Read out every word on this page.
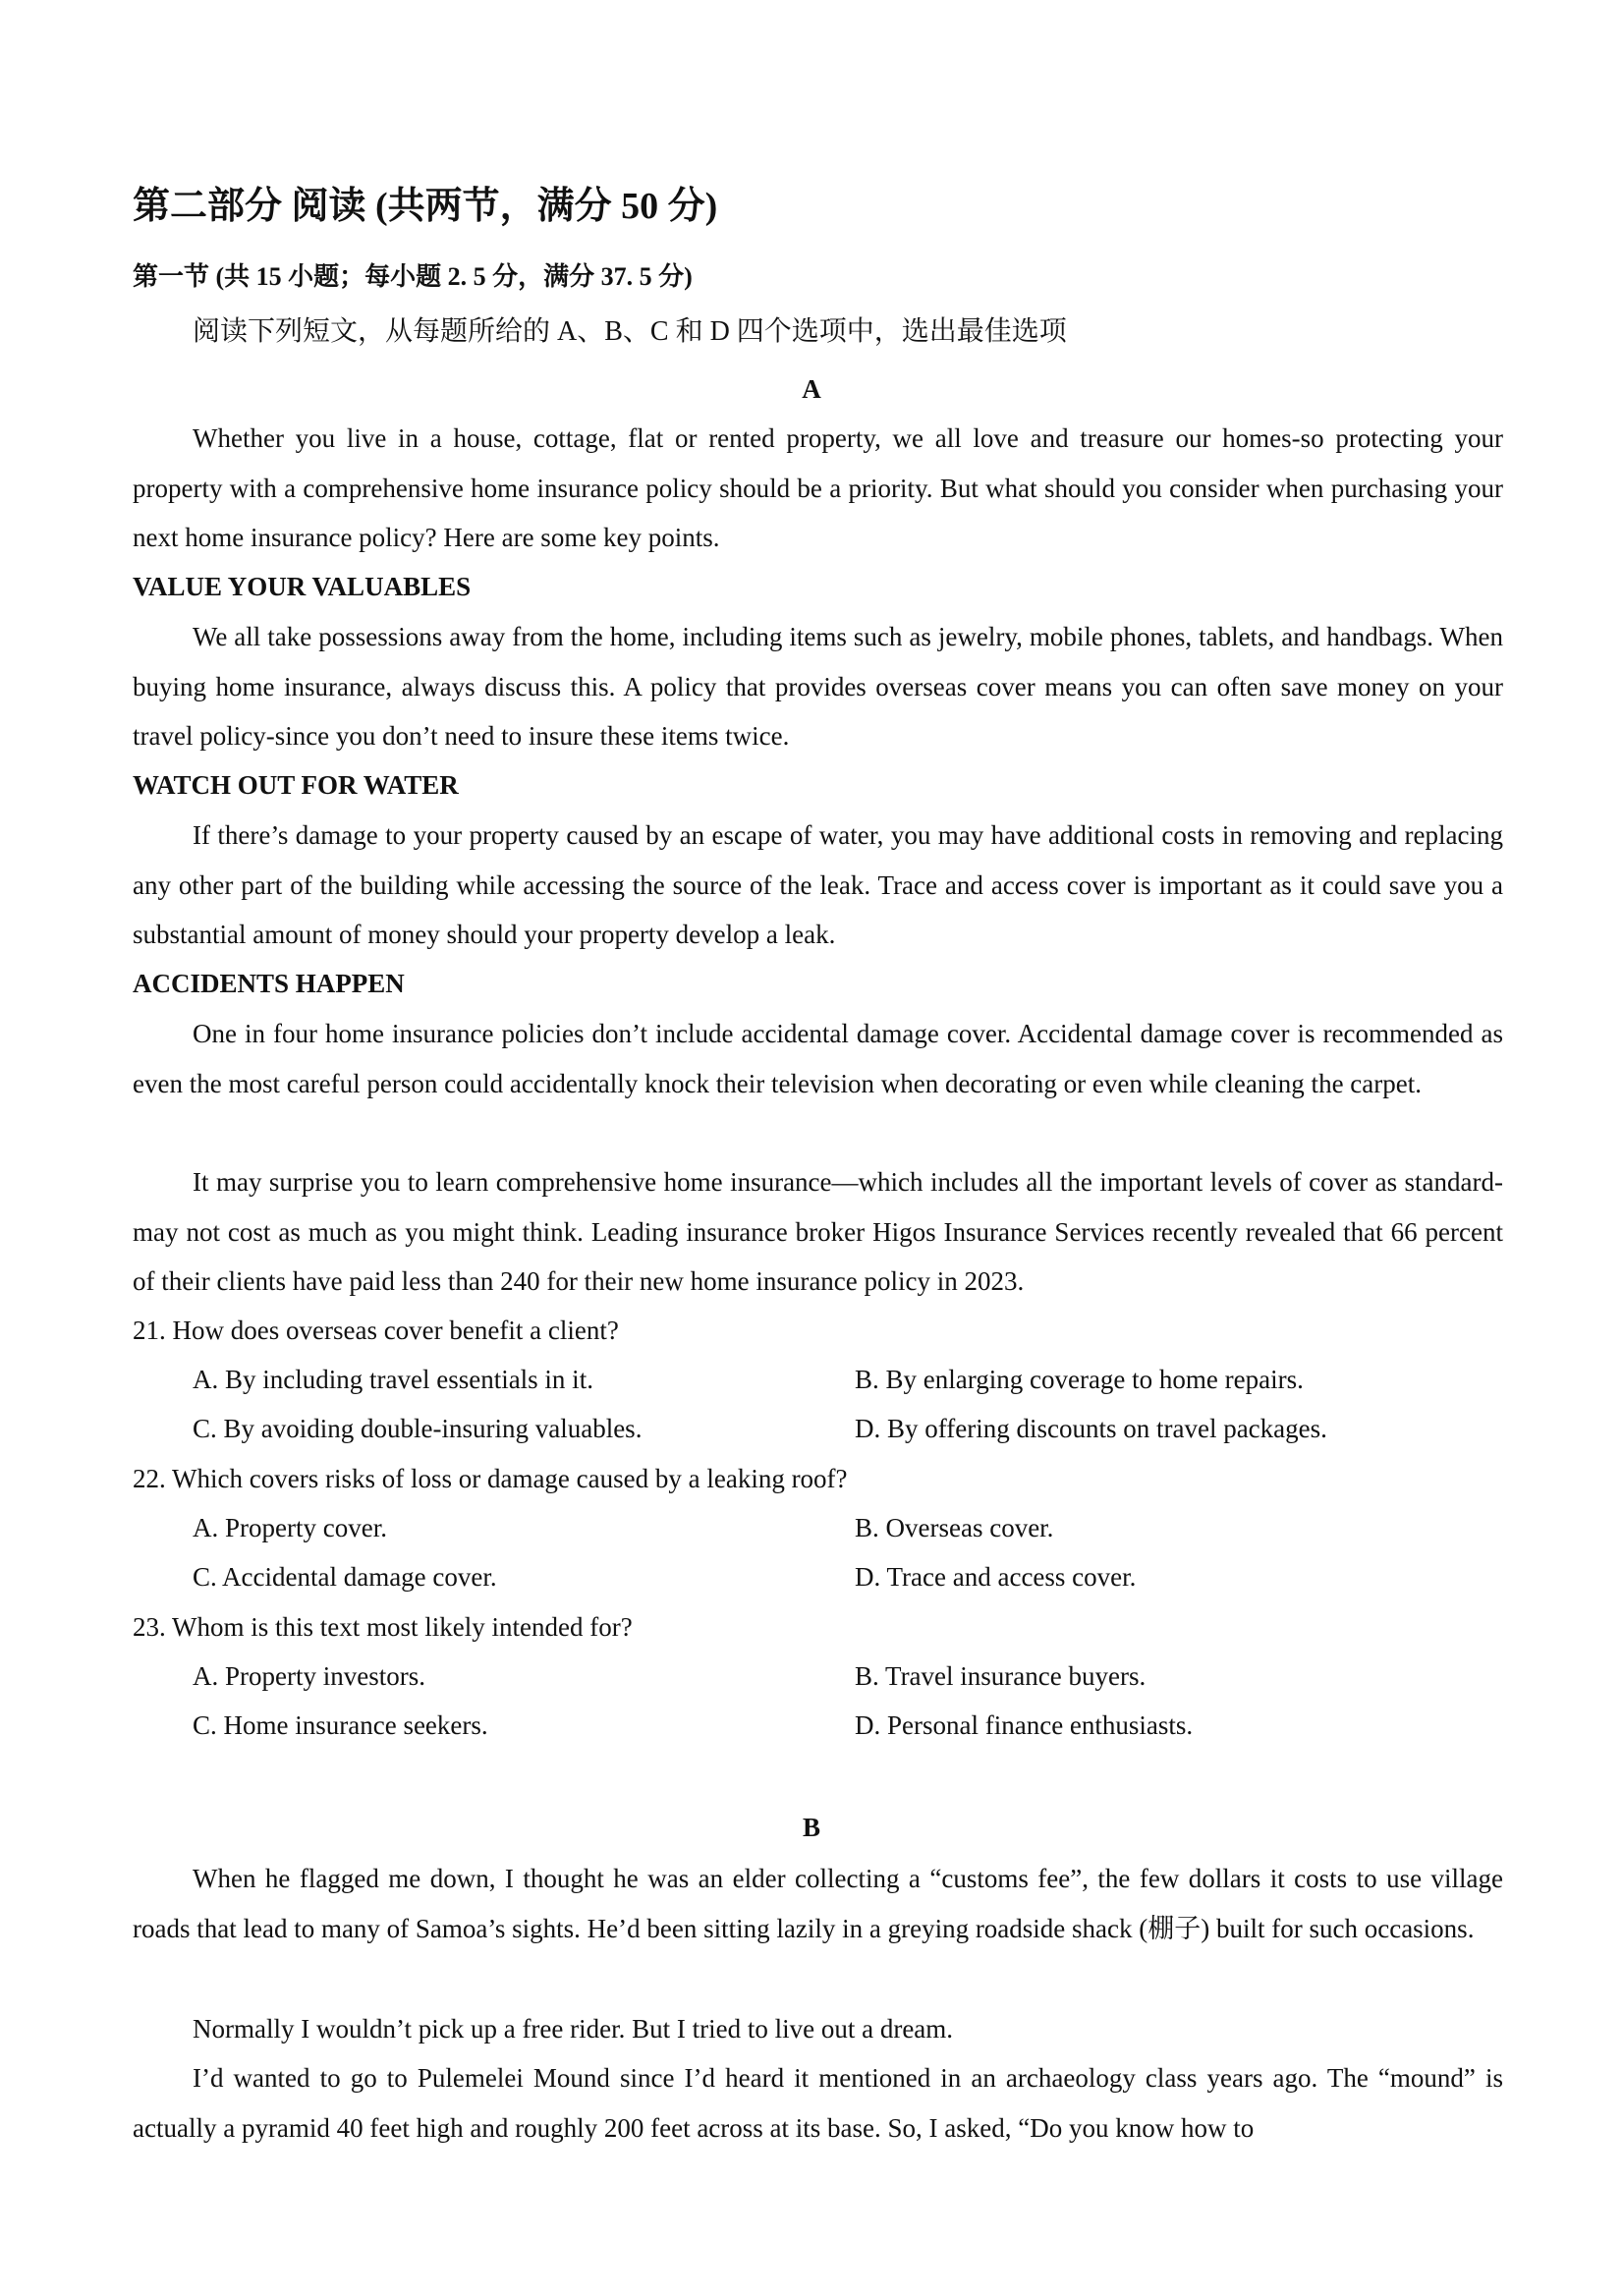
第二部分 阅读 (共两节，满分 50 分)
第一节 (共 15 小题；每小题 2. 5 分，满分 37. 5 分)
阅读下列短文，从每题所给的 A、B、C 和 D 四个选项中，选出最佳选项
A

Whether you live in a house, cottage, flat or rented property, we all love and treasure our homes-so protecting your property with a comprehensive home insurance policy should be a priority. But what should you consider when purchasing your next home insurance policy? Here are some key points.

VALUE YOUR VALUABLES

We all take possessions away from the home, including items such as jewelry, mobile phones, tablets, and handbags. When buying home insurance, always discuss this. A policy that provides overseas cover means you can often save money on your travel policy-since you don’t need to insure these items twice.

WATCH OUT FOR WATER

If there’s damage to your property caused by an escape of water, you may have additional costs in removing and replacing any other part of the building while accessing the source of the leak. Trace and access cover is important as it could save you a substantial amount of money should your property develop a leak.

ACCIDENTS HAPPEN

One in four home insurance policies don’t include accidental damage cover. Accidental damage cover is recommended as even the most careful person could accidentally knock their television when decorating or even while cleaning the carpet.

It may surprise you to learn comprehensive home insurance—which includes all the important levels of cover as standard-may not cost as much as you might think. Leading insurance broker Higos Insurance Services recently revealed that 66 percent of their clients have paid less than 240 for their new home insurance policy in 2023.

21. How does overseas cover benefit a client?
A. By including travel essentials in it.	B. By enlarging coverage to home repairs.
C. By avoiding double-insuring valuables.	D. By offering discounts on travel packages.
22. Which covers risks of loss or damage caused by a leaking roof?
A. Property cover.	B. Overseas cover.
C. Accidental damage cover.	D. Trace and access cover.
23. Whom is this text most likely intended for?
A. Property investors.	B. Travel insurance buyers.
C. Home insurance seekers.	D. Personal finance enthusiasts.
B

When he flagged me down, I thought he was an elder collecting a “customs fee”, the few dollars it costs to use village roads that lead to many of Samoa’s sights. He’d been sitting lazily in a greying roadside shack (棚子) built for such occasions.

Normally I wouldn’t pick up a free rider. But I tried to live out a dream.

I’d wanted to go to Pulemelei Mound since I’d heard it mentioned in an archaeology class years ago. The “mound” is actually a pyramid 40 feet high and roughly 200 feet across at its base. So, I asked, “Do you know how to
